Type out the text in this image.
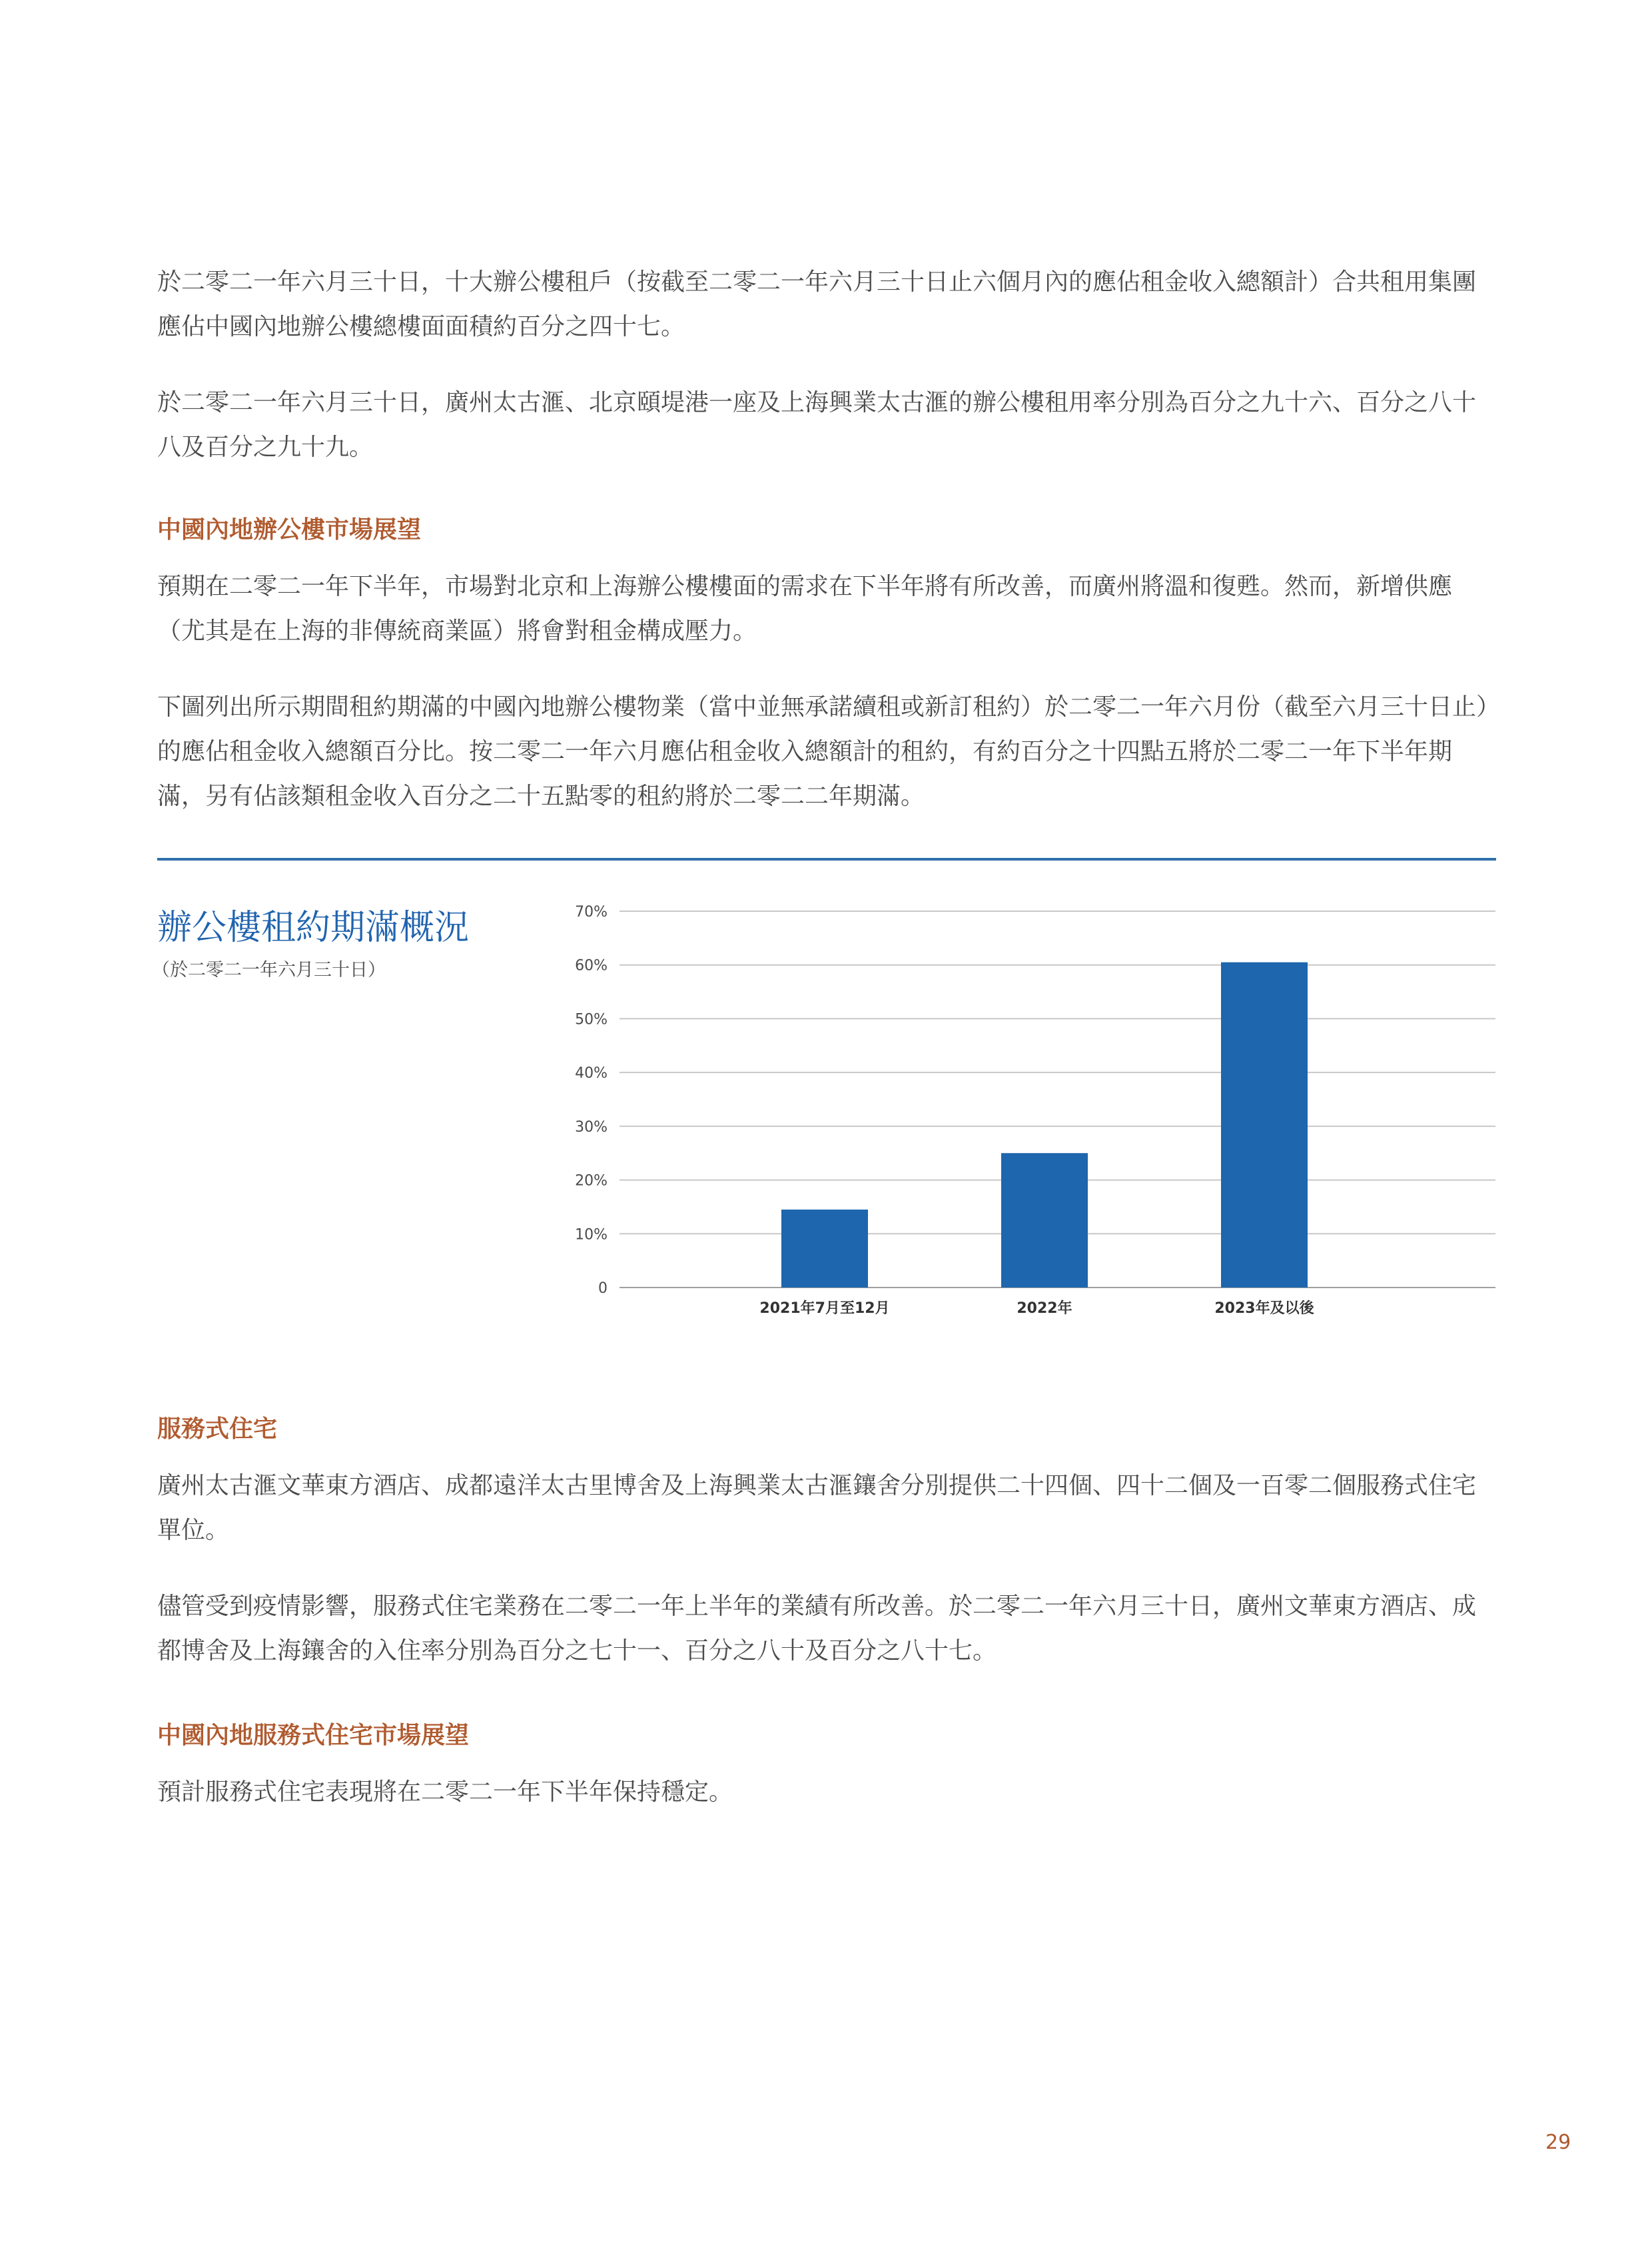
於二零二一年六月三十日，十大辦公樓租戶（按截至二零二一年六月三十日止六個月內的應佔租金收入總額計）合共租用集團應佔中國內地辦公樓總樓面面積約百分之四十七。

於二零二一年六月三十日，廣州太古滙、北京頤堤港一座及上海興業太古滙的辦公樓租用率分別為百分之九十六、百分之八十八及百分之九十九。

中國內地辦公樓市場展望

預期在二零二一年下半年，市場對北京和上海辦公樓樓面的需求在下半年將有所改善，而廣州將溫和復甦。然而，新增供應（尤其是在上海的非傳統商業區）將會對租金構成壓力。

下圖列出所示期間租約期滿的中國內地辦公樓物業（當中並無承諾續租或新訂租約）於二零二一年六月份（截至六月三十日止）的應佔租金收入總額百分比。按二零二一年六月應佔租金收入總額計的租約，有約百分之十四點五將於二零二一年下半年期滿，另有佔該類租金收入百分之二十五點零的租約將於二零二二年期滿。

辦公樓租約期滿概況

（於二零二一年六月三十日）

0
10%
20%
30%
40%
50%
60%
70%
2021年7月至12月	2022年	2023年及以後

服務式住宅

廣州太古滙文華東方酒店、成都遠洋太古里博舍及上海興業太古滙鑲舍分別提供二十四個、四十二個及一百零二個服務式住宅單位。

儘管受到疫情影響，服務式住宅業務在二零二一年上半年的業績有所改善。於二零二一年六月三十日，廣州文華東方酒店、成都博舍及上海鑲舍的入住率分別為百分之七十一、百分之八十及百分之八十七。

中國內地服務式住宅市場展望

預計服務式住宅表現將在二零二一年下半年保持穩定。

29
